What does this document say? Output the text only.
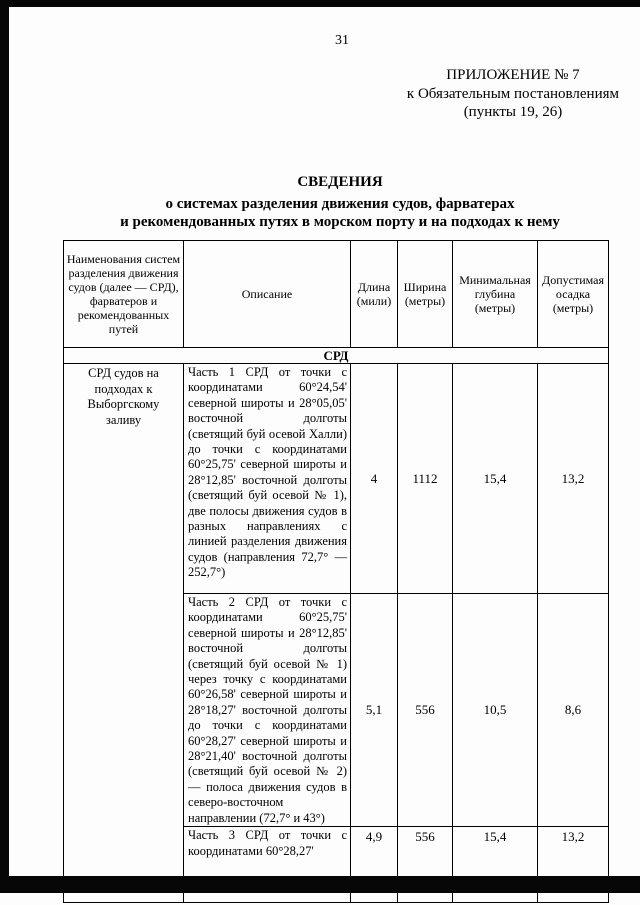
31
ПРИЛОЖЕНИЕ № 7
к Обязательным постановлениям
(пункты 19, 26)
СВЕДЕНИЯ
о системах разделения движения судов, фарватерах
и рекомендованных путях в морском порту и на подходах к нему
Наименования систем разделения движения судов (далее — СРД), фарватеров и рекомендованных путей	Описание	Длина (мили)	Ширина (метры)	Минимальная глубина (метры)	Допустимая осадка (метры)
СРД					
СРД судов на подходах к Выборгскому заливу	Часть 1 СРД от точки с координатами 60°24,54' северной широты и 28°05,05' восточной долготы (светящий буй осевой Халли) до точки с координатами 60°25,75' северной широты и 28°12,85' восточной долготы (светящий буй осевой № 1), две полосы движения судов в разных направлениях с линией разделения движения судов (направления 72,7° — 252,7°)	4	1112	15,4	13,2
	Часть 2 СРД от точки с координатами 60°25,75' северной широты и 28°12,85' восточной долготы (светящий буй осевой № 1) через точку с координатами 60°26,58' северной широты и 28°18,27' восточной долготы до точки с координатами 60°28,27' северной широты и 28°21,40' восточной долготы (светящий буй осевой № 2) — полоса движения судов в северо-восточном направлении (72,7° и 43°)	5,1	556	10,5	8,6
	Часть 3 СРД от точки с координатами 60°28,27'	4,9	556	15,4	13,2
